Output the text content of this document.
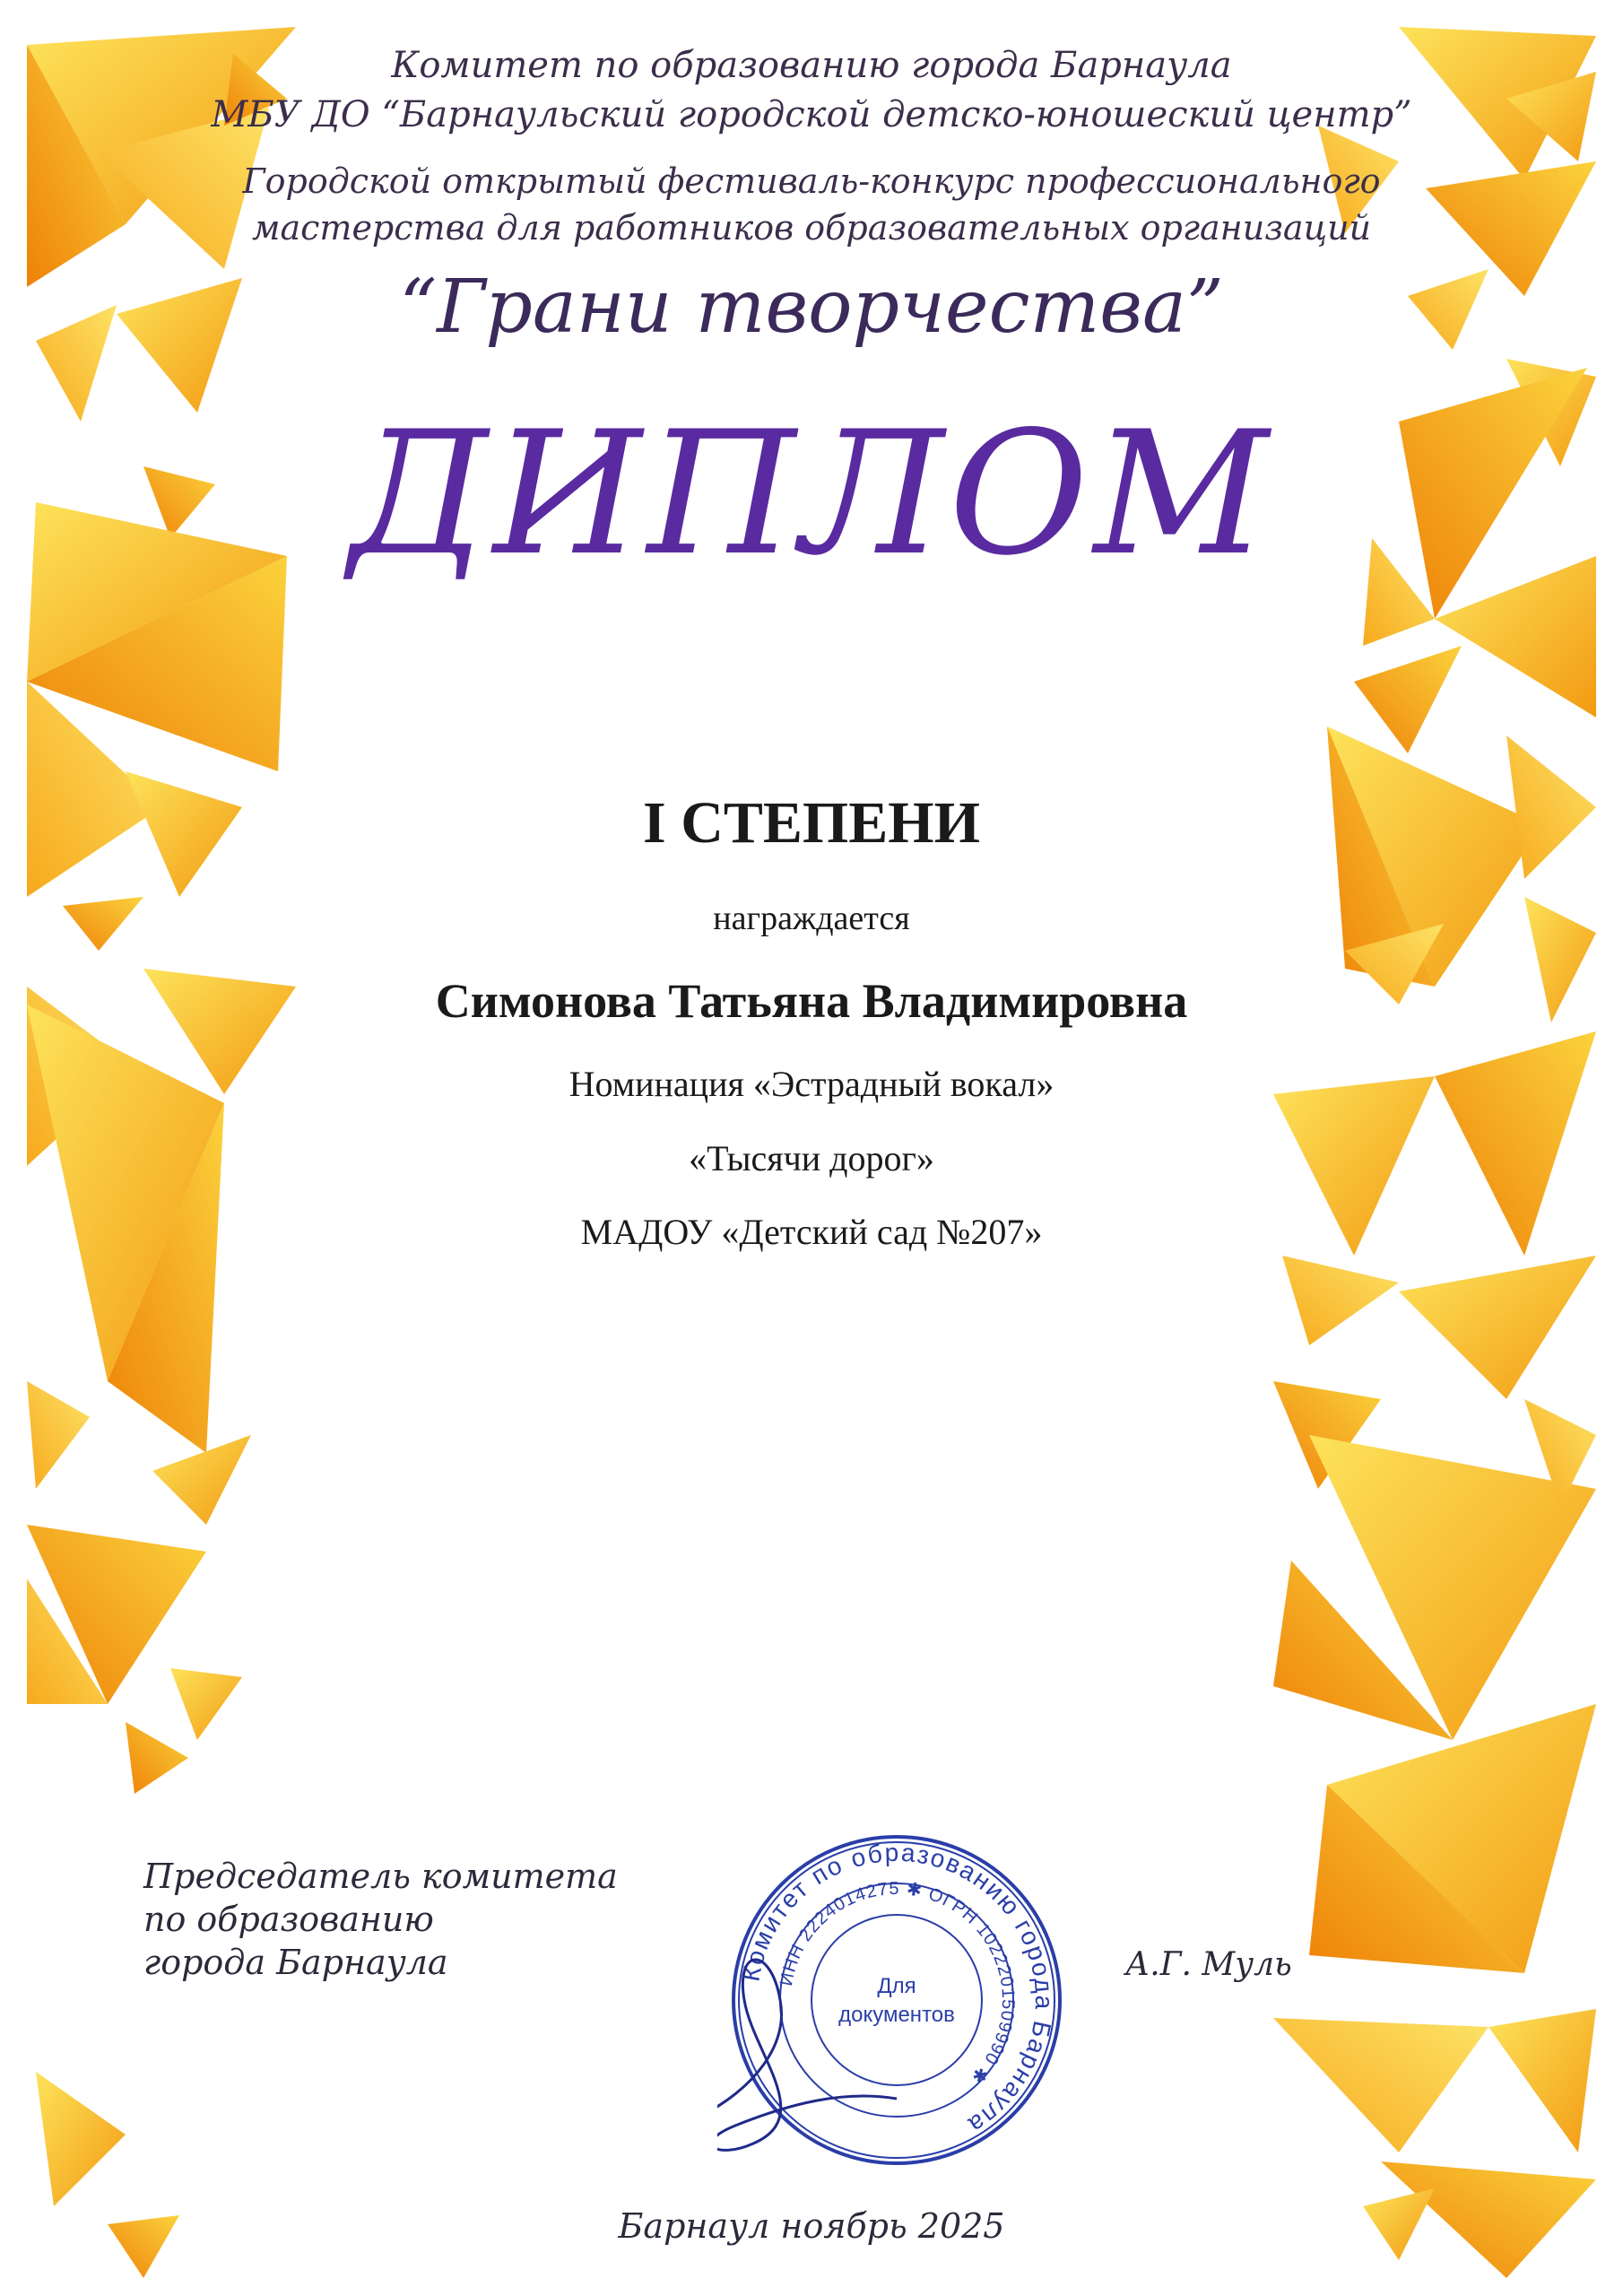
Комитет по образованию города Барнаула
МБУ ДО “Барнаульский городской детско-юношеский центр”
Городской открытый фестиваль-конкурс профессионального
мастерства для работников образовательных организаций
“Грани творчества”
ДИПЛОМ
I СТЕПЕНИ
награждается
Симонова Татьяна Владимировна
Номинация «Эстрадный вокал»
«Тысячи дорог»
МАДОУ «Детский сад №207»
Председатель комитета
по образованию
города Барнаула	Комитет по образованию города Барнаула
ИНН 2224014275 ✱ ОГРН 1022201509990 ✱
Для
документов
А.Г. Муль
Барнаул ноябрь 2025
